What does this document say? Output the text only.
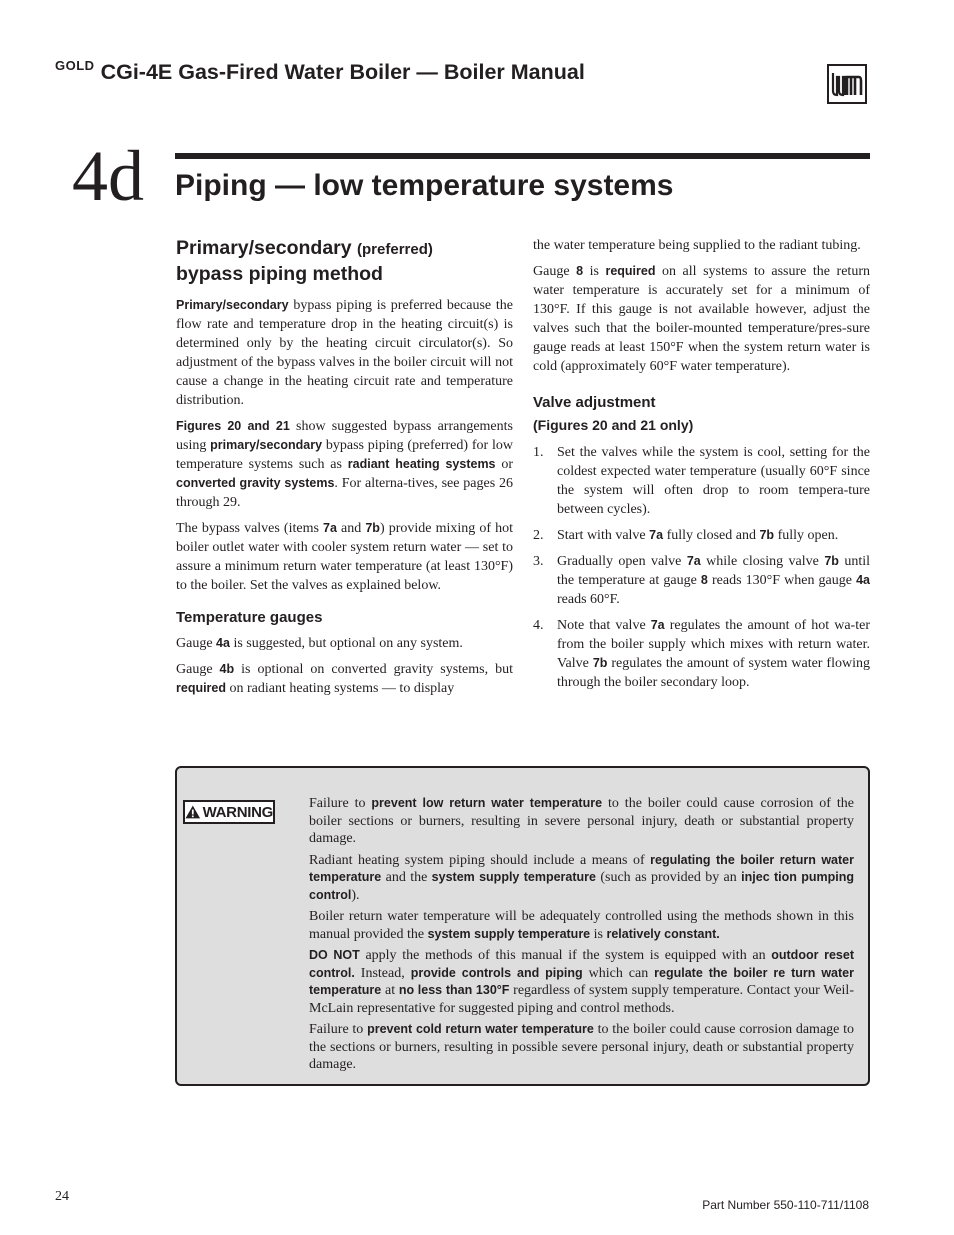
$^{GOLD}$ CGi-4E Gas-Fired Water Boiler — Boiler Manual
4d Piping — low temperature systems
Primary/secondary (preferred)
bypass piping method

Primary/secondary bypass piping is preferred because the flow rate and temperature drop in the heating circuit(s) is determined only by the heating circuit circulator(s). So adjustment of the bypass valves in the boiler circuit will not cause a change in the heating circuit rate and temperature distribution.

Figures 20 and 21 show suggested bypass arrangements using primary/secondary bypass piping (preferred) for low temperature systems such as radiant heating systems or converted gravity systems. For alterna-tives, see pages 26 through 29.

The bypass valves (items 7a and 7b) provide mixing of hot boiler outlet water with cooler system return water — set to assure a minimum return water temperature (at least 130°F) to the boiler. Set the valves as explained below.

Temperature gauges

Gauge 4a is suggested, but optional on any system.

Gauge 4b is optional on converted gravity systems, but required on radiant heating systems — to display

the water temperature being supplied to the radiant tubing.

Gauge 8 is required on all systems to assure the return water temperature is accurately set for a minimum of 130°F. If this gauge is not available however, adjust the valves such that the boiler-mounted temperature/pres-sure gauge reads at least 150°F when the system return water is cold (approximately 60°F water temperature).

Valve adjustment
(Figures 20 and 21 only)
1. Set the valves while the system is cool, setting for the coldest expected water temperature (usually 60°F since the system will often drop to room tempera-ture between cycles).
2. Start with valve 7a fully closed and 7b fully open.
3. Gradually open valve 7a while closing valve 7b until the temperature at gauge 8 reads 130°F when gauge 4a reads 60°F.
4. Note that valve 7a regulates the amount of hot wa-ter from the boiler supply which mixes with return water. Valve 7b regulates the amount of system water flowing through the boiler secondary loop.
WARNING	Failure to prevent low return water temperature to the boiler could cause corrosion of the boiler sections or burners, resulting in severe personal injury, death or substantial property damage.

Radiant heating system piping should include a means of regulating the boiler return water temperature and the system supply temperature (such as provided by an injec tion pumping control).

Boiler return water temperature will be adequately controlled using the methods shown in this manual provided the system supply temperature is relatively constant.

DO NOT apply the methods of this manual if the system is equipped with an outdoor reset control. Instead, provide controls and piping which can regulate the boiler re turn water temperature at no less than 130°F regardless of system supply temperature. Contact your Weil-McLain representative for suggested piping and control methods.

Failure to prevent cold return water temperature to the boiler could cause corrosion damage to the sections or burners, resulting in possible severe personal injury, death or substantial property damage.

24
Part Number 550-110-711/1108
